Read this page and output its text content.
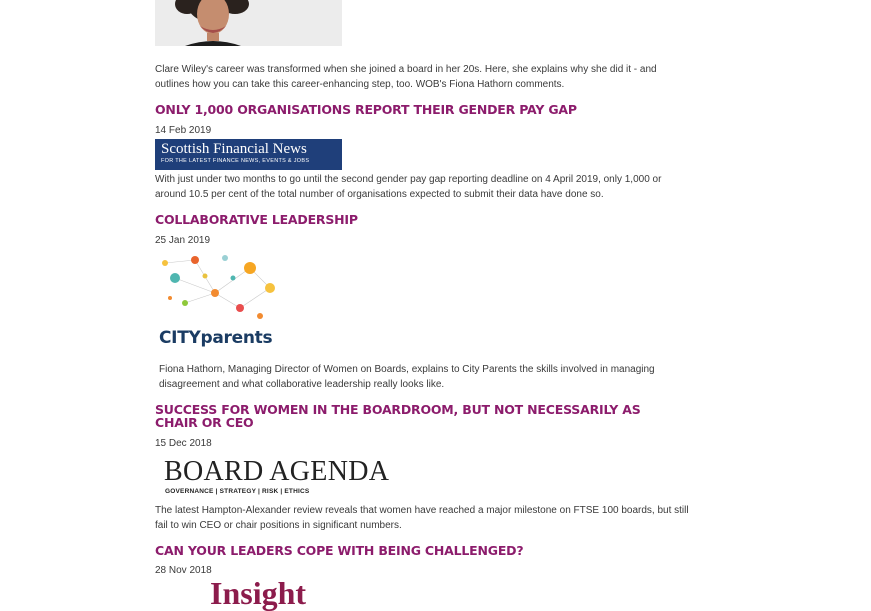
Clare Wiley's career was transformed when she joined a board in her 20s. Here, she explains why she did it - and outlines how you can take this career-enhancing step, too. WOB's Fiona Hathorn comments.

ONLY 1,000 ORGANISATIONS REPORT THEIR GENDER PAY GAP
14 Feb 2019
Scottish Financial News
FOR THE LATEST FINANCE NEWS, EVENTS & JOBS

With just under two months to go until the second gender pay gap reporting deadline on 4 April 2019, only 1,000 or around 10.5 per cent of the total number of organisations expected to submit their data have done so.

COLLABORATIVE LEADERSHIP
25 Jan 2019
CITYparents

Fiona Hathorn, Managing Director of Women on Boards, explains to City Parents the skills involved in managing disagreement and what collaborative leadership really looks like.

SUCCESS FOR WOMEN IN THE BOARDROOM, BUT NOT NECESSARILY AS CHAIR OR CEO
15 Dec 2018
BOARD AGENDA
GOVERNANCE | STRATEGY | RISK | ETHICS

The latest Hampton-Alexander review reveals that women have reached a major milestone on FTSE 100 boards, but still fail to win CEO or chair positions in significant numbers.

CAN YOUR LEADERS COPE WITH BEING CHALLENGED?
28 Nov 2018
Insight
